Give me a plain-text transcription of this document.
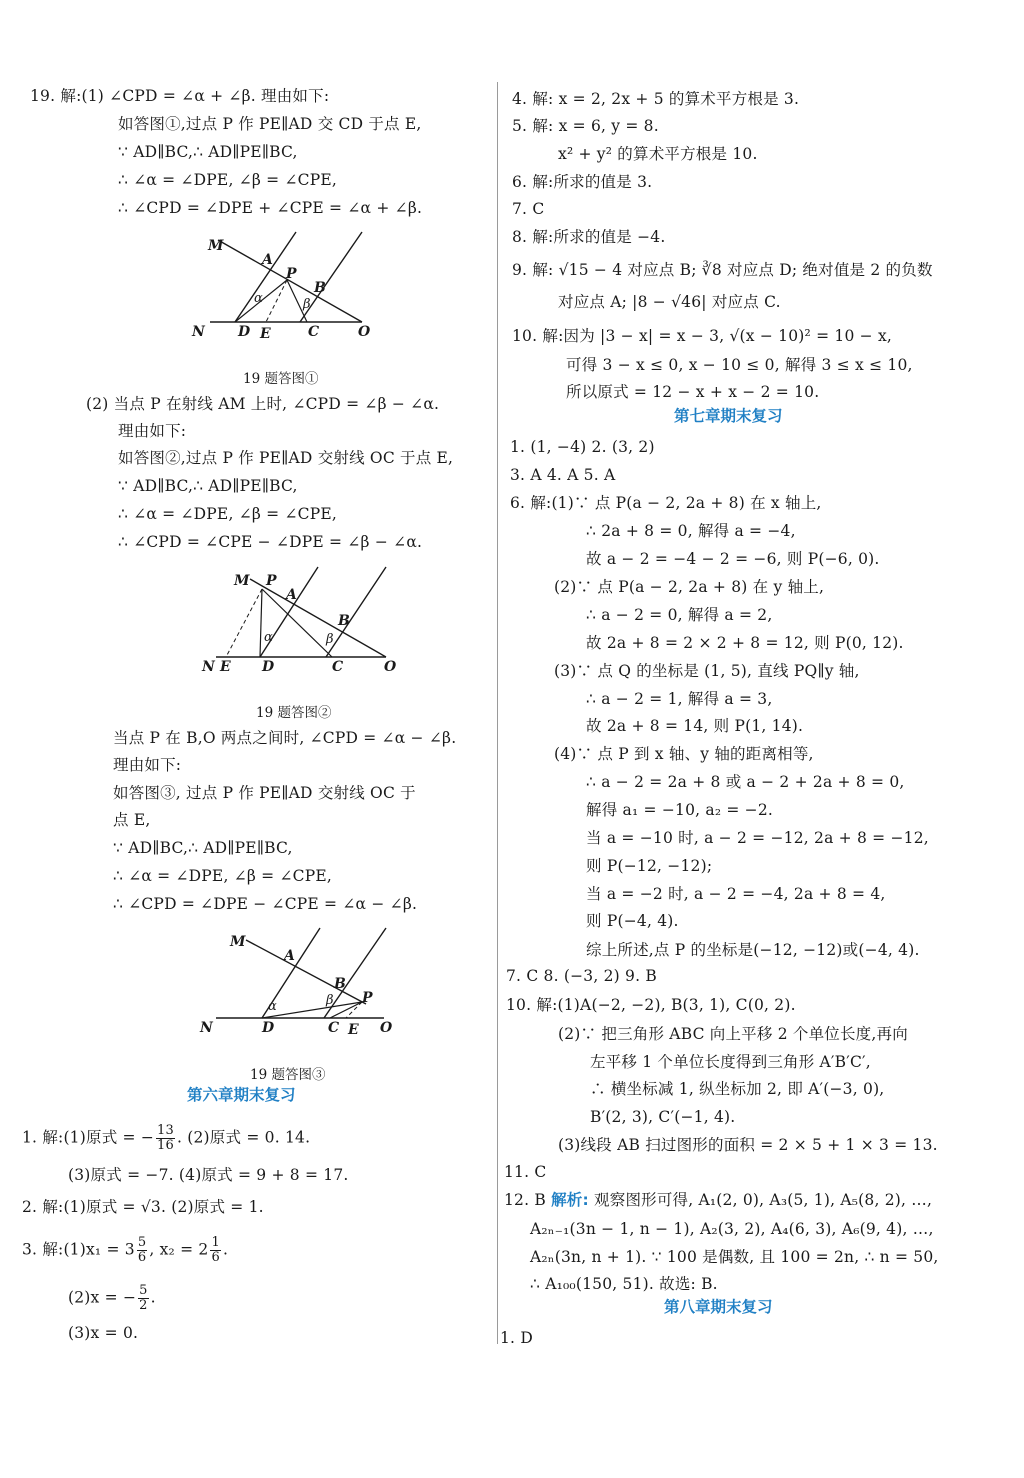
19. 解:(1) ∠CPD = ∠α + ∠β. 理由如下:
如答图①,过点 P 作 PE∥AD 交 CD 于点 E,
∵ AD∥BC,∴ AD∥PE∥BC,
∴ ∠α = ∠DPE, ∠β = ∠CPE,
∴ ∠CPD = ∠DPE + ∠CPE = ∠α + ∠β.
M
A
P
B
N D E	C	O
α	β
19 题答图①
(2) 当点 P 在射线 AM 上时, ∠CPD = ∠β − ∠α.
理由如下:
如答图②,过点 P 作 PE∥AD 交射线 OC 于点 E,
∵ AD∥BC,∴ AD∥PE∥BC,
∴ ∠α = ∠DPE, ∠β = ∠CPE,
∴ ∠CPD = ∠CPE − ∠DPE = ∠β − ∠α.
M P
A
B
N E D	C	O
α	β
19 题答图②
当点 P 在 B,O 两点之间时, ∠CPD = ∠α − ∠β.
理由如下:
如答图③, 过点 P 作 PE∥AD 交射线 OC 于
点 E,
∵ AD∥BC,∴ AD∥PE∥BC,
∴ ∠α = ∠DPE, ∠β = ∠CPE,
∴ ∠CPD = ∠DPE − ∠CPE = ∠α − ∠β.
M
A
B
P
N	D	C E O
α	β
19 题答图③
第六章期末复习
1. 解:(1)原式 = − $\frac{13}{16}$ . (2)原式 = 0. 14.
(3)原式 = −7. (4)原式 = 9 + 8 = 17.
2. 解:(1)原式 = √3. (2)原式 = 1.
3. 解:(1)x₁ = $3 \frac{5}{6}$ , $x_2 = 2 \frac{1}{6}$ .
(2)x = − $\frac{5}{2}$ .
(3)x = 0.
4. 解: x = 2, 2x + 5 的算术平方根是 3.
5. 解: x = 6, y = 8.
x² + y² 的算术平方根是 10.
6. 解:所求的值是 3.
7. C
8. 解:所求的值是 −4.
9. 解: √15 − 4 对应点 B; ∛8 对应点 D; 绝对值是 2 的负数
对应点 A; |8 − √46| 对应点 C.
10. 解:因为 |3 − x| = x − 3, √(x − 10)² = 10 − x,
可得 3 − x ≤ 0, x − 10 ≤ 0, 解得 3 ≤ x ≤ 10,
所以原式 = 12 − x + x − 2 = 10.
第七章期末复习
1. (1, −4) 2. (3, 2)
3. A 4. A 5. A
6. 解:(1)∵ 点 P(a − 2, 2a + 8) 在 x 轴上,
∴ 2a + 8 = 0, 解得 a = −4,
故 a − 2 = −4 − 2 = −6, 则 P(−6, 0).
(2)∵ 点 P(a − 2, 2a + 8) 在 y 轴上,
∴ a − 2 = 0, 解得 a = 2,
故 2a + 8 = 2 × 2 + 8 = 12, 则 P(0, 12).
(3)∵ 点 Q 的坐标是 (1, 5), 直线 PQ∥y 轴,
∴ a − 2 = 1, 解得 a = 3,
故 2a + 8 = 14, 则 P(1, 14).
(4)∵ 点 P 到 x 轴、y 轴的距离相等,
∴ a − 2 = 2a + 8 或 a − 2 + 2a + 8 = 0,
解得 a₁ = −10, a₂ = −2.
当 a = −10 时, a − 2 = −12, 2a + 8 = −12,
则 P(−12, −12);
当 a = −2 时, a − 2 = −4, 2a + 8 = 4,
则 P(−4, 4).
综上所述,点 P 的坐标是(−12, −12)或(−4, 4).
7. C 8. (−3, 2) 9. B
10. 解:(1)A(−2, −2), B(3, 1), C(0, 2).
(2)∵ 把三角形 ABC 向上平移 2 个单位长度,再向
左平移 1 个单位长度得到三角形 A′B′C′,
∴ 横坐标减 1, 纵坐标加 2, 即 A′(−3, 0),
B′(2, 3), C′(−1, 4).
(3)线段 AB 扫过图形的面积 = 2 × 5 + 1 × 3 = 13.
11. C
12. B 解析: 观察图形可得, A₁(2, 0), A₃(5, 1), A₅(8, 2), …,
A₂ₙ₋₁(3n − 1, n − 1), A₂(3, 2), A₄(6, 3), A₆(9, 4), …,
A₂ₙ(3n, n + 1). ∵ 100 是偶数, 且 100 = 2n, ∴ n = 50,
∴ A₁₀₀(150, 51). 故选: B.
第八章期末复习
1. D
